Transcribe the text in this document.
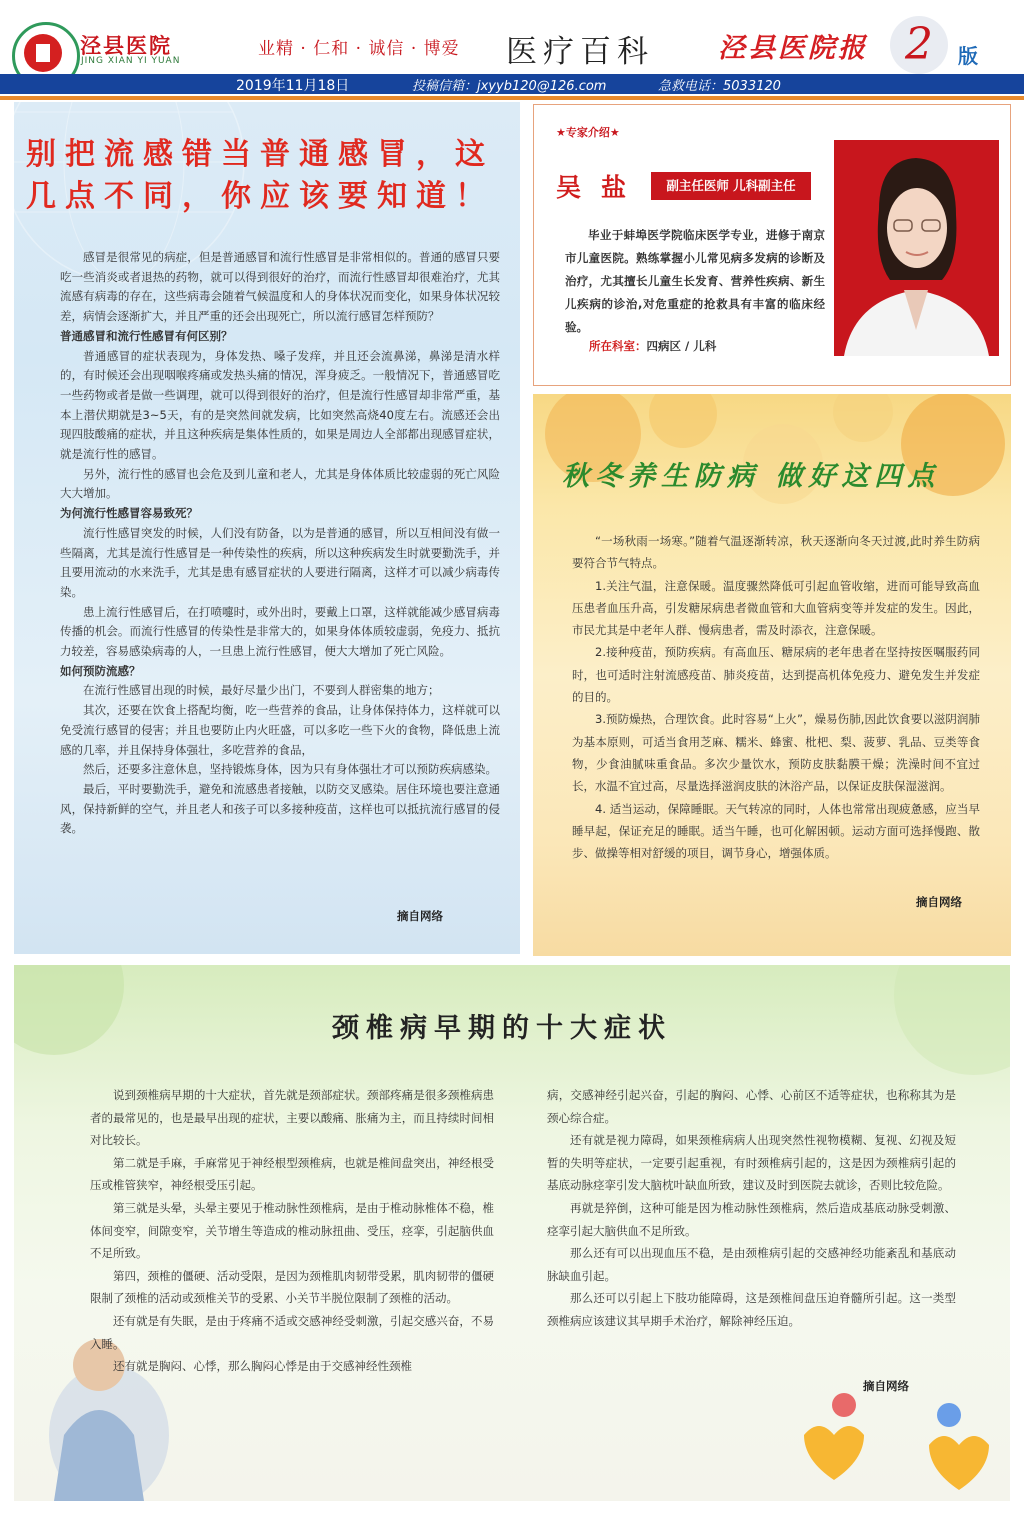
泾县医院
JING XIAN YI YUAN
业精 · 仁和 · 诚信 · 博爱 医疗百科 泾县医院报 2	版
2019年11月18日	投稿信箱：jxyyb120@126.com	急救电话：5033120
别把流感错当普通感冒，这几点不同，你应该要知道！

感冒是很常见的病症，但是普通感冒和流行性感冒是非常相似的。普通的感冒只要吃一些消炎或者退热的药物，就可以得到很好的治疗，而流行性感冒却很难治疗，尤其流感有病毒的存在，这些病毒会随着气候温度和人的身体状况而变化，如果身体状况较差，病情会逐渐扩大，并且严重的还会出现死亡，所以流行感冒怎样预防？

普通感冒和流行性感冒有何区别？

普通感冒的症状表现为，身体发热、嗓子发痒，并且还会流鼻涕，鼻涕是清水样的，有时候还会出现咽喉疼痛或发热头痛的情况，浑身疲乏。一般情况下，普通感冒吃一些药物或者是做一些调理，就可以得到很好的治疗，但是流行性感冒却非常严重，基本上潜伏期就是3~5天，有的是突然间就发病，比如突然高烧40度左右。流感还会出现四肢酸痛的症状，并且这种疾病是集体性质的，如果是周边人全部都出现感冒症状，就是流行性的感冒。

另外，流行性的感冒也会危及到儿童和老人，尤其是身体体质比较虚弱的死亡风险大大增加。

为何流行性感冒容易致死？

流行性感冒突发的时候，人们没有防备，以为是普通的感冒，所以互相间没有做一些隔离，尤其是流行性感冒是一种传染性的疾病，所以这种疾病发生时就要勤洗手，并且要用流动的水来洗手，尤其是患有感冒症状的人要进行隔离，这样才可以减少病毒传染。

患上流行性感冒后，在打喷嚏时，或外出时，要戴上口罩，这样就能减少感冒病毒传播的机会。而流行性感冒的传染性是非常大的，如果身体体质较虚弱，免疫力、抵抗力较差，容易感染病毒的人，一旦患上流行性感冒，便大大增加了死亡风险。

如何预防流感？

在流行性感冒出现的时候，最好尽量少出门，不要到人群密集的地方；

其次，还要在饮食上搭配均衡，吃一些营养的食品，让身体保持体力，这样就可以免受流行感冒的侵害；并且也要防止内火旺盛，可以多吃一些下火的食物，降低患上流感的几率，并且保持身体强壮，多吃营养的食品，

然后，还要多注意休息，坚持锻炼身体，因为只有身体强壮才可以预防疾病感染。

最后，平时要勤洗手，避免和流感患者接触，以防交叉感染。居住环境也要注意通风，保持新鲜的空气，并且老人和孩子可以多接种疫苗，这样也可以抵抗流行感冒的侵袭。

摘自网络
★专家介绍★
吴盐	副主任医师 儿科副主任
毕业于蚌埠医学院临床医学专业，进修于南京市儿童医院。熟练掌握小儿常见病多发病的诊断及治疗，尤其擅长儿童生长发育、营养性疾病、新生儿疾病的诊治,对危重症的抢救具有丰富的临床经验。
所在科室：四病区 / 儿科
秋冬养生防病 做好这四点

“一场秋雨一场寒。”随着气温逐渐转凉，秋天逐渐向冬天过渡,此时养生防病要符合节气特点。

1.关注气温，注意保暖。温度骤然降低可引起血管收缩，进而可能导致高血压患者血压升高，引发糖尿病患者微血管和大血管病变等并发症的发生。因此，市民尤其是中老年人群、慢病患者，需及时添衣，注意保暖。

2.接种疫苗，预防疾病。有高血压、糖尿病的老年患者在坚持按医嘱服药同时，也可适时注射流感疫苗、肺炎疫苗，达到提高机体免疫力、避免发生并发症的目的。

3.预防燥热，合理饮食。此时容易“上火”，燥易伤肺,因此饮食要以滋阴润肺为基本原则，可适当食用芝麻、糯米、蜂蜜、枇杷、梨、菠萝、乳品、豆类等食物，少食油腻味重食品。多次少量饮水，预防皮肤黏膜干燥；洗澡时间不宜过长，水温不宜过高，尽量选择滋润皮肤的沐浴产品，以保证皮肤保湿滋润。

4. 适当运动，保障睡眠。天气转凉的同时，人体也常常出现疲惫感，应当早睡早起，保证充足的睡眠。适当午睡，也可化解困顿。运动方面可选择慢跑、散步、做操等相对舒缓的项目，调节身心，增强体质。

摘自网络
颈椎病早期的十大症状

说到颈椎病早期的十大症状，首先就是颈部症状。颈部疼痛是很多颈椎病患者的最常见的，也是最早出现的症状，主要以酸痛、胀痛为主，而且持续时间相对比较长。

第二就是手麻，手麻常见于神经根型颈椎病，也就是椎间盘突出，神经根受压或椎管狭窄，神经根受压引起。

第三就是头晕，头晕主要见于椎动脉性颈椎病，是由于椎动脉椎体不稳，椎体间变窄，间隙变窄，关节增生等造成的椎动脉扭曲、受压，痉挛，引起脑供血不足所致。

第四，颈椎的僵硬、活动受限，是因为颈椎肌肉韧带受累，肌肉韧带的僵硬限制了颈椎的活动或颈椎关节的受累、小关节半脱位限制了颈椎的活动。

还有就是有失眠，是由于疼痛不适或交感神经受刺激，引起交感兴奋，不易入睡。

还有就是胸闷、心悸，那么胸闷心悸是由于交感神经性颈椎

病，交感神经引起兴奋，引起的胸闷、心悸、心前区不适等症状，也称称其为是颈心综合症。

还有就是视力障碍，如果颈椎病病人出现突然性视物模糊、复视、幻视及短暂的失明等症状，一定要引起重视，有时颈椎病引起的，这是因为颈椎病引起的基底动脉痉挛引发大脑枕叶缺血所致，建议及时到医院去就诊，否则比较危险。

再就是猝倒，这种可能是因为椎动脉性颈椎病，然后造成基底动脉受刺激、痉挛引起大脑供血不足所致。

那么还有可以出现血压不稳，是由颈椎病引起的交感神经功能紊乱和基底动脉缺血引起。

那么还可以引起上下肢功能障碍，这是颈椎间盘压迫脊髓所引起。这一类型颈椎病应该建议其早期手术治疗，解除神经压迫。

摘自网络
